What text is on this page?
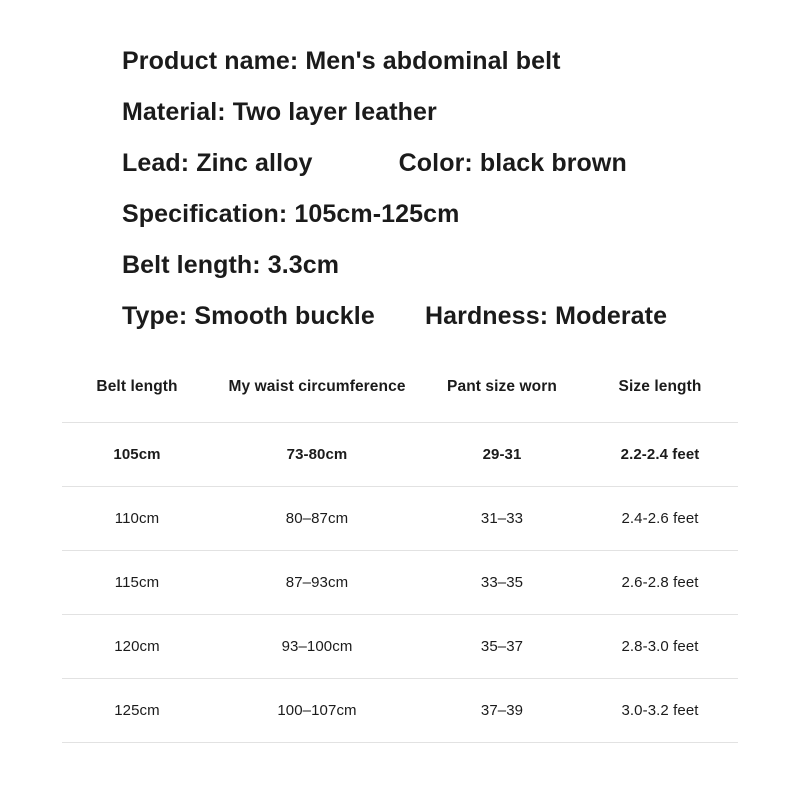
Product name: Men's abdominal belt
Material: Two layer leather
Lead: Zinc alloy	Color: black brown
Specification: 105cm-125cm
Belt length: 3.3cm
Type: Smooth buckle Hardness: Moderate
Belt length	My waist circumference	Pant size worn	Size length
105cm	73-80cm	29-31	2.2-2.4 feet
110cm	80–87cm	31–33	2.4-2.6 feet
115cm	87–93cm	33–35	2.6-2.8 feet
120cm	93–100cm	35–37	2.8-3.0 feet
125cm	100–107cm	37–39	3.0-3.2 feet
